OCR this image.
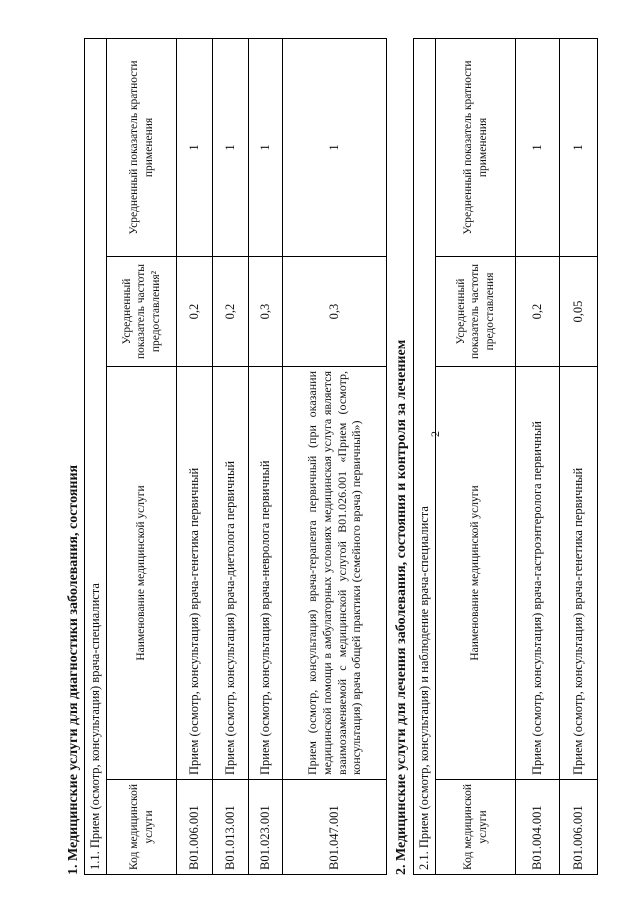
2
1. Медицинские услуги для диагностики заболевания, состояния 1.1. Прием (осмотр, консультация) врача-специалиста			
Код медицинской услуги	Наименование медицинской услуги	Усредненный показатель частоты предоставления²	Усредненный показатель кратности применения
B01.006.001	Прием (осмотр, консультация) врача-генетика первичный	0,2	1
B01.013.001	Прием (осмотр, консультация) врача-диетолога первичный	0,2	1
B01.023.001	Прием (осмотр, консультация) врача-невролога первичный	0,3	1
B01.047.001	Прием (осмотр, консультация) врача-терапевта первичный (при оказании медицинской помощи в амбулаторных условиях медицинская услуга является взаимозаменяемой с медицинской услугой B01.026.001 «Прием (осмотр, консультация) врача общей практики (семейного врача) первичный»)	0,3	1
2. Медицинские услуги для лечения заболевания, состояния и контроля за лечением 2.1. Прием (осмотр, консультация) и наблюдение врача-специалиста			
Код медицинской услуги	Наименование медицинской услуги	Усредненный показатель частоты предоставления	Усредненный показатель кратности применения
B01.004.001	Прием (осмотр, консультация) врача-гастроэнтеролога первичный	0,2	1
B01.006.001	Прием (осмотр, консультация) врача-генетика первичный	0,05	1
